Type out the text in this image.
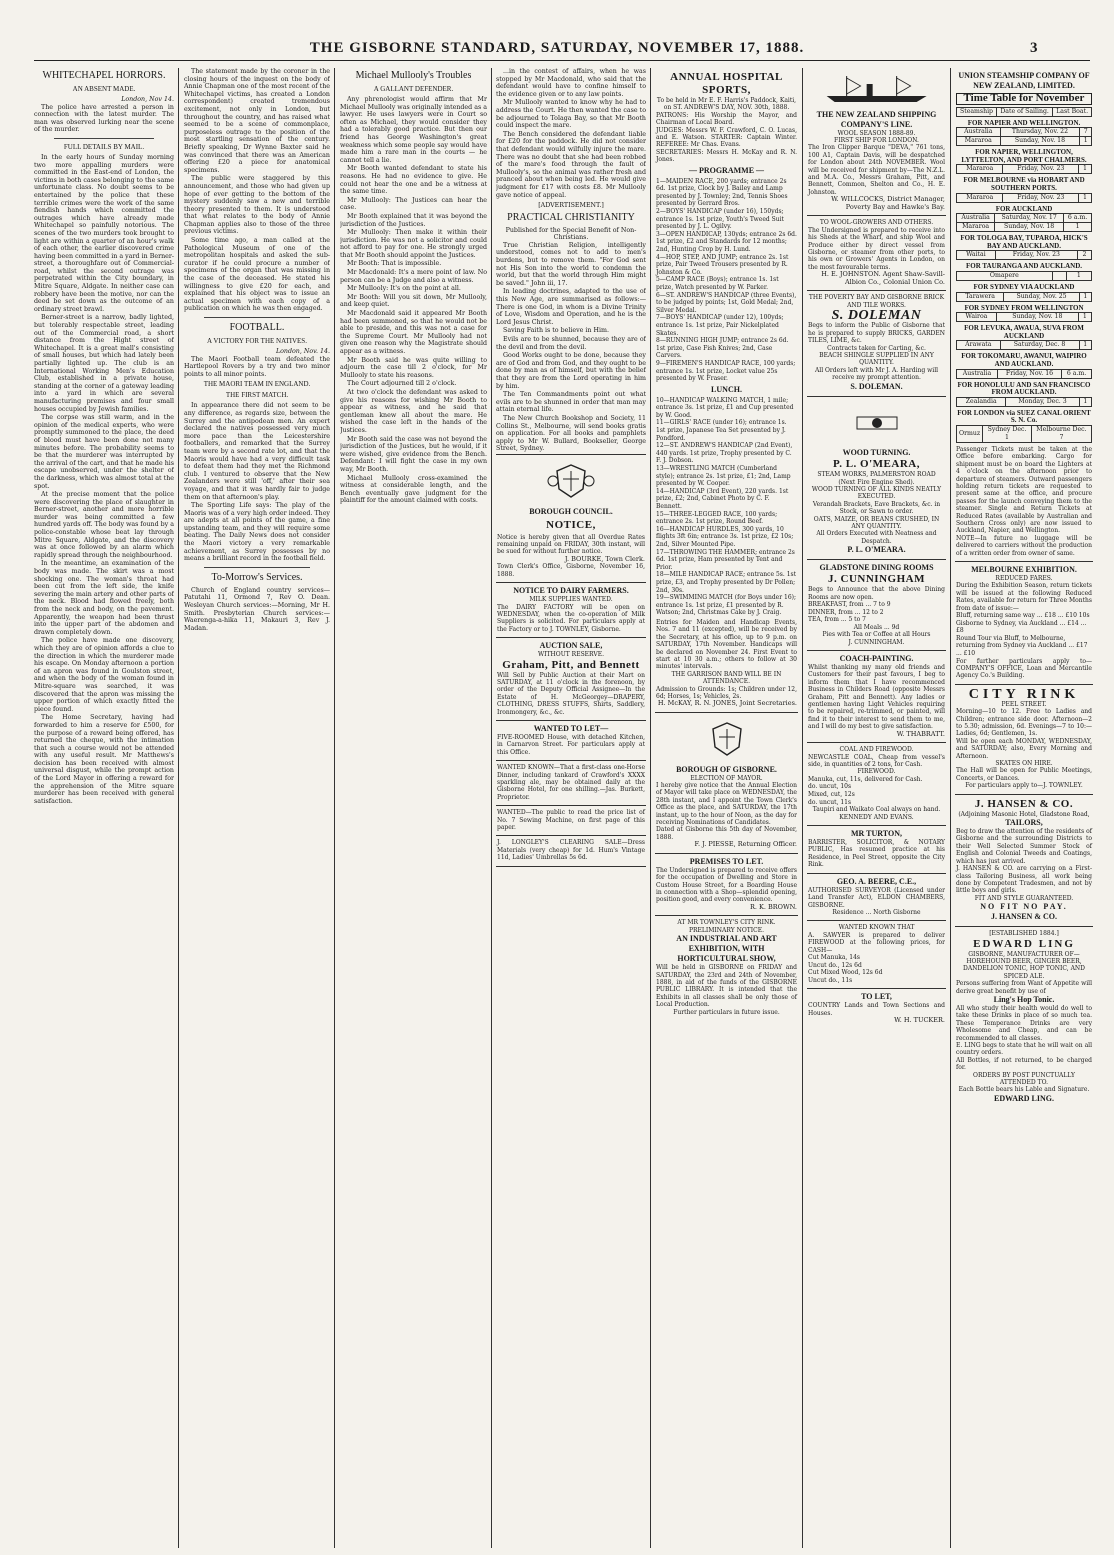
THE GISBORNE STANDARD, SATURDAY, NOVEMBER 17, 1888.	3
WHITECHAPEL HORRORS.
AN ABSENT MADE.
London, Nov 14.

The police have arrested a person in connection with the latest murder. The man was observed lurking near the scene of the murder.

FULL DETAILS BY MAIL.

In the early hours of Sunday morning two more appalling murders were committed in the East-end of London, the victims in both cases belonging to the same unfortunate class. No doubt seems to be entertained by the police that these terrible crimes were the work of the same fiendish hands which committed the outrages which have already made Whitechapel so painfully notorious. The scenes of the two murders took brought to light are within a quarter of an hour's walk of each other, the earlier discovered crime having been committed in a yard in Berner-street, a thoroughfare out of Commercial-road, whilst the second outrage was perpetrated within the City boundary, in Mitre Square, Aldgate. In neither case can robbery have been the motive, nor can the deed be set down as the outcome of an ordinary street brawl.

Berner-street is a narrow, badly lighted, but tolerably respectable street, leading out of the Commercial road, a short distance from the Hight street of Whitechapel. It is a great mall's consisting of small houses, but which had lately been partially lighted up. The club is an International Working Men's Education Club, established in a private house, standing at the corner of a gateway leading into a yard in which are several manufacturing premises and four small houses occupied by Jewish families.

The corpse was still warm, and in the opinion of the medical experts, who were promptly summoned to the place, the deed of blood must have been done not many minutes before. The probability seems to be that the murderer was interrupted by the arrival of the cart, and that he made his escape unobserved, under the shelter of the darkness, which was almost total at the spot.

At the precise moment that the police were discovering the place of slaughter in Berner-street, another and more horrible murder was being committed a few hundred yards off. The body was found by a police-constable whose beat lay through Mitre Square, Aldgate, and the discovery was at once followed by an alarm which rapidly spread through the neighbourhood.

In the meantime, an examination of the body was made. The skirt was a most shocking one. The woman's throat had been cut from the left side, the knife severing the main artery and other parts of the neck. Blood had flowed freely, both from the neck and body, on the pavement. Apparently, the weapon had been thrust into the upper part of the abdomen and drawn completely down.

The police have made one discovery, which they are of opinion affords a clue to the direction in which the murderer made his escape. On Monday afternoon a portion of an apron was found in Goulston street, and when the body of the woman found in Mitre-square was searched, it was discovered that the apron was missing the upper portion of which exactly fitted the piece found.

The Home Secretary, having had forwarded to him a reserve for £500, for the purpose of a reward being offered, has returned the cheque, with the intimation that such a course would not be attended with any useful result. Mr Matthews's decision has been received with almost universal disgust, while the prompt action of the Lord Mayor in offering a reward for the apprehension of the Mitre square murderer has been received with general satisfaction.

The statement made by the coroner in the closing hours of the inquest on the body of Annie Chapman one of the most recent of the Whitechapel victims, has created a London correspondent) created tremendous excitement, not only in London, but throughout the country, and has raised what seemed to be a scene of commonplace, purposeless outrage to the position of the most startling sensation of the century. Briefly speaking, Dr Wynne Baxter said he was convinced that there was an American offering £20 a piece for anatomical specimens.

The public were staggered by this announcement, and those who had given up hope of ever getting to the bottom of the mystery suddenly saw a new and terrible theory presented to them. It is understood that what relates to the body of Annie Chapman applies also to those of the three previous victims.

Some time ago, a man called at the Pathological Museum of one of the metropolitan hospitals and asked the sub-curator if he could procure a number of specimens of the organ that was missing in the case of the deceased. He stated his willingness to give £20 for each, and explained that his object was to issue an actual specimen with each copy of a publication on which he was then engaged.

FOOTBALL.
A VICTORY FOR THE NATIVES.
London, Nov. 14.

The Maori Football team defeated the Hartlepool Rovers by a try and two minor points to all minor points.

THE MAORI TEAM IN ENGLAND.
THE FIRST MATCH.

In appearance there did not seem to be any difference, as regards size, between the Surrey and the antipodean men. An expert declared the natives possessed very much more pace than the Leicestershire footballers, and remarked that the Surrey team were by a second rate lot, and that the Maoris would have had a very difficult task to defeat them had they met the Richmond club. I ventured to observe that the New Zealanders were still 'off,' after their sea voyage, and that it was hardly fair to judge them on that afternoon's play.

The Sporting Life says: The play of the Maoris was of a very high order indeed. They are adepts at all points of the game, a fine upstanding team, and they will require some beating. The Daily News does not consider the Maori victory a very remarkable achievement, as Surrey possesses by no means a brilliant record in the football field.

To-Morrow's Services.

Church of England country services—Patutahi 11, Ormond 7, Rev O. Dean. Wesleyan Church services:—Morning, Mr H. Smith. Presbyterian Church services:—Waerenga-a-hika 11, Makauri 3, Rev J. Madan.

Michael Mullooly's Troubles
A GALLANT DEFENDER.

Any phrenologist would affirm that Mr Michael Mullooly was originally intended as a lawyer. He uses lawyers were in Court so often as Michael, they would consider they had a tolerably good practice. But then our friend has George Washington's great weakness which some people say would have made him a rare man in the courts — he cannot tell a lie.

Mr Booth wanted defendant to state his reasons. He had no evidence to give. He could not hear the one and be a witness at the same time.

Mr Mullooly: The Justices can hear the case.

Mr Booth explained that it was beyond the jurisdiction of the Justices.

Mr Mullooly: Then make it within their jurisdiction. He was not a solicitor and could not afford to pay for one. He strongly urged that Mr Booth should appoint the Justices.

Mr Booth: That is impossible.

Mr Macdonald: It's a mere point of law. No person can be a Judge and also a witness.

Mr Mullooly: It's on the point at all.

Mr Booth: Will you sit down, Mr Mullooly, and keep quiet.

Mr Macdonald said it appeared Mr Booth had been summoned, so that he would not be able to preside, and this was not a case for the Supreme Court. Mr Mullooly had not given one reason why the Magistrate should appear as a witness.

Mr Booth said he was quite willing to adjourn the case till 2 o'clock, for Mr Mullooly to state his reasons.

The Court adjourned till 2 o'clock.

At two o'clock the defendant was asked to give his reasons for wishing Mr Booth to appear as witness, and he said that gentleman knew all about the mare. He wished the case left in the hands of the Justices.

Mr Booth said the case was not beyond the jurisdiction of the Justices, but he would, if it were wished, give evidence from the Bench. Defendant: I will fight the case in my own way, Mr Booth.

Michael Mullooly cross-examined the witness at considerable length, and the Bench eventually gave judgment for the plaintiff for the amount claimed with costs.

...in the contest of affairs, when he was stopped by Mr Macdonald, who said that the defendant would have to confine himself to the evidence given or to any law points.

Mr Mullooly wanted to know why he had to address the Court. He then wanted the case to be adjourned to Tolaga Bay, so that Mr Booth could inspect the mare.

The Bench considered the defendant liable for £20 for the paddock. He did not consider that defendant would wilfully injure the mare. There was no doubt that she had been robbed of the mare's food through the fault of Mullooly's, so the animal was rather fresh and pranced about when being led. He would give judgment for £17 with costs £8. Mr Mullooly gave notice of appeal.

[ADVERTISEMENT.]
PRACTICAL CHRISTIANITY
Published for the Special Benefit of Non-Christians.

True Christian Religion, intelligently understood, comes not to add to men's burdens, but to remove them. "For God sent not His Son into the world to condemn the world, but that the world through Him might be saved." John iii, 17.

In leading doctrines, adapted to the use of this New Age, are summarised as follows:— There is one God, in whom is a Divine Trinity of Love, Wisdom and Operation, and he is the Lord Jesus Christ.

Saving Faith is to believe in Him.

Evils are to be shunned, because they are of the devil and from the devil.

Good Works ought to be done, because they are of God and from God, and they ought to be done by man as of himself, but with the belief that they are from the Lord operating in him by him.

The Ten Commandments point out what evils are to be shunned in order that man may attain eternal life.

The New Church Bookshop and Society, 11 Collins St., Melbourne, will send books gratis on application. For all books and pamphlets apply to Mr W. Bullard, Bookseller, George Street, Sydney.

BOROUGH COUNCIL.
NOTICE,
Notice is hereby given that all Overdue Rates remaining unpaid on FRIDAY, 30th instant, will be sued for without further notice.
J. BOURKE, Town Clerk.
Town Clerk's Office, Gisborne, November 16, 1888.
NOTICE TO DAIRY FARMERS.
MILK SUPPLIES WANTED.
The DAIRY FACTORY will be open on WEDNESDAY, when the co-operation of Milk Suppliers is solicited. For particulars apply at the Factory or to J. TOWNLEY, Gisborne.
AUCTION SALE,
WITHOUT RESERVE.
Graham, Pitt, and Bennett
Will Sell by Public Auction at their Mart on SATURDAY, at 11 o'clock in the forenoon, by order of the Deputy Official Assignee—In the Estate of H. McGeorgey—DRAPERY, CLOTHING, DRESS STUFFS, Shirts, Saddlery, Ironmongery, &c., &c.
WANTED TO LET—
FIVE-ROOMED House, with detached Kitchen, in Carnarvon Street. For particulars apply at this Office.
WANTED KNOWN—That a first-class one-Horse Dinner, including tankard of Crawford's XXXX sparkling ale, may be obtained daily at the Gisborne Hotel, for one shilling.—Jas. Burkett, Proprietor.
WANTED—The public to read the price list of No. 7 Sewing Machine, on first page of this paper.
J. LONGLEY'S CLEARING SALE—Dress Materials (very cheap) for 1d. Hum's Vintage 11d, Ladies' Umbrellas 5s 6d.
ANNUAL HOSPITAL SPORTS,
To be held in Mr E. F. Harris's Paddock, Kaiti, on ST. ANDREW'S DAY, NOV. 30th, 1888.
PATRONS: His Worship the Mayor, and Chairman of Local Board.
JUDGES: Messrs W. F. Crawford, C. O. Lucas, and E. Watson. STARTER: Captain Winter. REFEREE: Mr Chas. Evans.
SECRETARIES: Messrs H. McKay and R. N. Jones.
— PROGRAMME —
1—MAIDEN RACE, 200 yards; entrance 2s 6d. 1st prize, Clock by J. Bailey and Lamp presented by J. Townley; 2nd, Tennis Shoes presented by Gerrard Bros.
2—BOYS' HANDICAP (under 16), 150yds; entrance 1s. 1st prize, Youth's Tweed Suit presented by J. L. Ogilvy.
3—OPEN HANDICAP, 130yds; entrance 2s 6d. 1st prize, £2 and Standards for 12 months; 2nd, Hunting Crop by H. Lund.
4—HOP, STEP, AND JUMP; entrance 2s. 1st prize, Pair Tweed Trousers presented by R. Johnston & Co.
5—CAMP RACE (Boys); entrance 1s. 1st prize, Watch presented by W. Parker.
6—ST. ANDREW'S HANDICAP (three Events), to be judged by points; 1st, Gold Medal; 2nd, Silver Medal.
7—BOYS' HANDICAP (under 12), 100yds; entrance 1s. 1st prize, Pair Nickelplated Skates.
8—RUNNING HIGH JUMP; entrance 2s 6d. 1st prize, Case Fish Knives; 2nd, Case Carvers.
9—FIREMEN'S HANDICAP RACE, 100 yards; entrance 1s. 1st prize, Locket value 25s presented by W. Fraser.
LUNCH.
10—HANDICAP WALKING MATCH, 1 mile; entrance 3s. 1st prize, £1 and Cup presented by W. Good.
11—GIRLS' RACE (under 16); entrance 1s. 1st prize, Japanese Tea Set presented by J. Pondford.
12—ST. ANDREW'S HANDICAP (2nd Event), 440 yards. 1st prize, Trophy presented by C. F. J. Dobson.
13—WRESTLING MATCH (Cumberland style); entrance 2s. 1st prize, £1; 2nd, Lamp presented by W. Cooper.
14—HANDICAP (3rd Event), 220 yards. 1st prize, £2; 2nd, Cabinet Photo by C. F. Bennett.
15—THREE-LEGGED RACE, 100 yards; entrance 2s. 1st prize, Round Beef.
16—HANDICAP HURDLES, 300 yards, 10 flights 3ft 6in; entrance 3s. 1st prize, £2 10s; 2nd, Silver Mounted Pipe.
17—THROWING THE HAMMER; entrance 2s 6d. 1st prize, Ham presented by Tent and Prior.
18—MILE HANDICAP RACE; entrance 5s. 1st prize, £3, and Trophy presented by Dr Pollen; 2nd, 30s.
19—SWIMMING MATCH (for Boys under 16); entrance 1s. 1st prize, £1 presented by R. Watson; 2nd, Christmas Cake by J. Craig.
Entries for Maiden and Handicap Events, Nos. 7 and 11 (excepted), will be received by the Secretary, at his office, up to 9 p.m. on SATURDAY, 17th November. Handicaps will be declared on November 24. First Event to start at 10 30 a.m.; others to follow at 30 minutes' intervals.
THE GARRISON BAND WILL BE IN ATTENDANCE.
Admission to Grounds: 1s; Children under 12, 6d; Horses, 1s; Vehicles, 2s.
H. McKAY, R. N. JONES, Joint Secretaries.
BOROUGH OF GISBORNE.
ELECTION OF MAYOR.
I hereby give notice that the Annual Election of Mayor will take place on WEDNESDAY, the 28th instant, and I appoint the Town Clerk's Office as the place, and SATURDAY, the 17th instant, up to the hour of Noon, as the day for receiving Nominations of Candidates.
Dated at Gisborne this 5th day of November, 1888.
F. J. PIESSE, Returning Officer.
PREMISES TO LET.
The Undersigned is prepared to receive offers for the occupation of Dwelling and Store in Custom House Street, for a Boarding House in connection with a Shop—splendid opening, position good, and every convenience.
R. K. BROWN.
AT MR TOWNLEY'S CITY RINK.
PRELIMINARY NOTICE.
AN INDUSTRIAL AND ART EXHIBITION, WITH HORTICULTURAL SHOW,
Will be held in GISBORNE on FRIDAY and SATURDAY, the 23rd and 24th of November, 1888, in aid of the funds of the GISBORNE PUBLIC LIBRARY. It is intended that the Exhibits in all classes shall be only those of Local Production.
Further particulars in future issue.
THE NEW ZEALAND SHIPPING COMPANY'S LINE.
WOOL SEASON 1888-89.
FIRST SHIP FOR LONDON.
The Iron Clipper Barque "DEVA," 761 tons, 100 A1, Captain Davis, will be despatched for London about 24th NOVEMBER. Wool will be received for shipment by—The N.Z.L. and M.A. Co., Messrs Graham, Pitt, and Bennett, Common, Shelton and Co., H. E. Johnston.
W. WILLCOCKS, District Manager, Poverty Bay and Hawke's Bay.
TO WOOL-GROWERS AND OTHERS.
The Undersigned is prepared to receive into his Sheds at the Wharf, and ship Wool and Produce either by direct vessel from Gisborne, or steamer from other ports, to his own or Growers' Agents in London, on the most favourable terms.
H. E. JOHNSTON. Agent Shaw-Savill-Albion Co., Colonial Union Co.
THE POVERTY BAY AND GISBORNE BRICK AND TILE WORKS.
S. DOLEMAN
Begs to inform the Public of Gisborne that he is prepared to supply BRICKS, GARDEN TILES, LIME, &c.
Contracts taken for Carting, &c.
BEACH SHINGLE SUPPLIED IN ANY QUANTITY.
All Orders left with Mr J. A. Harding will receive my prompt attention.
S. DOLEMAN.
WOOD TURNING.
P. L. O'MEARA,
STEAM WORKS, PALMERSTON ROAD (Next Fire Engine Shed).
WOOD TURNING OF ALL KINDS NEATLY EXECUTED.
Verandah Brackets, Eave Brackets, &c. in Stock, or Sawn to order.
OATS, MAIZE, OR BEANS CRUSHED, IN ANY QUANTITY.
All Orders Executed with Neatness and Despatch.
P. L. O'MEARA.
GLADSTONE DINING ROOMS
J. CUNNINGHAM
Begs to Announce that the above Dining Rooms are now open.
BREAKFAST, from ... 7 to 9
DINNER, from ... 12 to 2
TEA, from ... 5 to 7
All Meals ... 9d
Pies with Tea or Coffee at all Hours
J. CUNNINGHAM.
COACH-PAINTING.
Whilst thanking my many old friends and Customers for their past favours, I beg to inform them that I have recommenced Business in Childers Road (opposite Messrs Graham, Pitt and Bennett). Any ladies or gentlemen having Light Vehicles requiring to be repaired, re-trimmed, or painted, will find it to their interest to send them to me, and I will do my best to give satisfaction.
W. THABRATT.
COAL AND FIREWOOD.
NEWCASTLE COAL, Cheap from vessel's side, in quantities of 2 tons, for Cash.
FIREWOOD.
Manuka, cut, 11s, delivered for Cash.
do. uncut, 10s
Mixed, cut, 12s
do. uncut, 11s
Taupiri and Waikato Coal always on hand.
KENNEDY AND EVANS.
MR TURTON,
BARRISTER, SOLICITOR, & NOTARY PUBLIC, Has resumed practice at his Residence, in Peel Street, opposite the City Rink.
GEO. A. BEERE, C.E.,
AUTHORISED SURVEYOR (Licensed under Land Transfer Act), ELDON CHAMBERS, GISBORNE.
Residence ... North Gisborne
WANTED KNOWN THAT
A. SAWYER is prepared to deliver FIREWOOD at the following prices, for CASH—
Cut Manuka, 14s
Uncut do., 12s 6d
Cut Mixed Wood, 12s 6d
Uncut do., 11s
TO LET,
COUNTRY Lands and Town Sections and Houses.
W. H. TUCKER.
UNION STEAMSHIP COMPANY OF NEW ZEALAND, LIMITED.
Time Table for November
Steamship	Date of Sailing.	Last Boat.
FOR NAPIER AND WELLINGTON.
Australia	Thursday, Nov. 22	7
Mararoa	Sunday, Nov. 18	1
FOR NAPIER, WELLINGTON, LYTTELTON, AND PORT CHALMERS.
Mararoa	Friday, Nov. 23	1
FOR MELBOURNE via HOBART AND SOUTHERN PORTS.
Mararoa	Friday, Nov. 23	1
FOR AUCKLAND
Australia	Saturday, Nov. 17	6 a.m.
Mararoa	Sunday, Nov. 18	1
FOR TOLOGA BAY, TUPAROA, HICK'S BAY AND AUCKLAND.
Waitai	Friday, Nov. 23	2
FOR TAURANGA AND AUCKLAND.
Omapere		1
FOR SYDNEY VIA AUCKLAND
Tarawera	Sunday, Nov. 25	1
FOR SYDNEY FROM WELLINGTON
Wairoa	Sunday, Nov. 18	1
FOR LEVUKA, AWAUA, SUVA FROM AUCKLAND
Arawata	Saturday, Dec. 8	1
FOR TOKOMARU, AWANUI, WAIPIRO AND AUCKLAND.
Australia	Friday, Nov. 16	6 a.m.
FOR HONOLULU AND SAN FRANCISCO FROM AUCKLAND.
Zealandia	Monday, Dec. 3	1
FOR LONDON via SUEZ CANAL ORIENT S. N. Co.
Ormuz	Sydney Dec. 1	Melbourne Dec. 7
Passenger Tickets must be taken at the Office before embarking. Cargo for shipment must be on board the Lighters at 4 o'clock on the afternoon prior to departure of steamers. Outward passengers holding return tickets are requested to present same at the office, and procure passes for the launch conveying them to the steamer. Single and Return Tickets at Reduced Rates (available by Australian and Southern Cross only) are now issued to Auckland, Napier, and Wellington.
NOTE—In future no luggage will be delivered to carriers without the production of a written order from owner of same.
MELBOURNE EXHIBITION.
REDUCED FARES.
During the Exhibition Season, return tickets will be issued at the following Reduced Rates, available for return for Three Months from date of issue:—
Bluff, returning same way ... £18 ... £10 10s
Gisborne to Sydney, via Auckland ... £14 ... £8
Round Tour via Bluff, to Melbourne, returning from Sydney via Auckland ... £17 ... £10
For further particulars apply to—COMPANY'S OFFICE, Loan and Mercantile Agency Co.'s Building.
CITY RINK
PEEL STREET.
Morning—10 to 12. Free to Ladies and Children; entrance side door. Afternoon—2 to 5.30; admission, 6d. Evenings—7 to 10:—Ladies, 6d; Gentlemen, 1s.
Will be open each MONDAY, WEDNESDAY, and SATURDAY; also, Every Morning and Afternoon.
SKATES ON HIRE.
The Hall will be open for Public Meetings, Concerts, or Dances.
For particulars apply to—J. TOWNLEY.
J. HANSEN & CO.
(Adjoining Masonic Hotel, Gladstone Road,
TAILORS,
Beg to draw the attention of the residents of Gisborne and the surrounding Districts to their Well Selected Summer Stock of English and Colonial Tweeds and Coatings, which has just arrived.
J. HANSEN & CO. are carrying on a First-class Tailoring Business, all work being done by Competent Tradesmen, and not by little boys and girls.
FIT AND STYLE GUARANTEED.
NO FIT NO PAY.
J. HANSEN & CO.
[ESTABLISHED 1884.]
EDWARD LING
GISBORNE, MANUFACTURER OF—HOREHOUND BEER, GINGER BEER, DANDELION TONIC, HOP TONIC, AND SPICED ALE.
Persons suffering from Want of Appetite will derive great benefit by use of
Ling's Hop Tonic.
All who study their health would do well to take these Drinks in place of so much tea. These Temperance Drinks are very Wholesome and Cheap, and can be recommended to all classes.
E. LING begs to state that he will wait on all country orders.
All Bottles, if not returned, to be charged for.
ORDERS BY POST PUNCTUALLY ATTENDED TO.
Each Bottle bears his Lable and Signature.
EDWARD LING.
